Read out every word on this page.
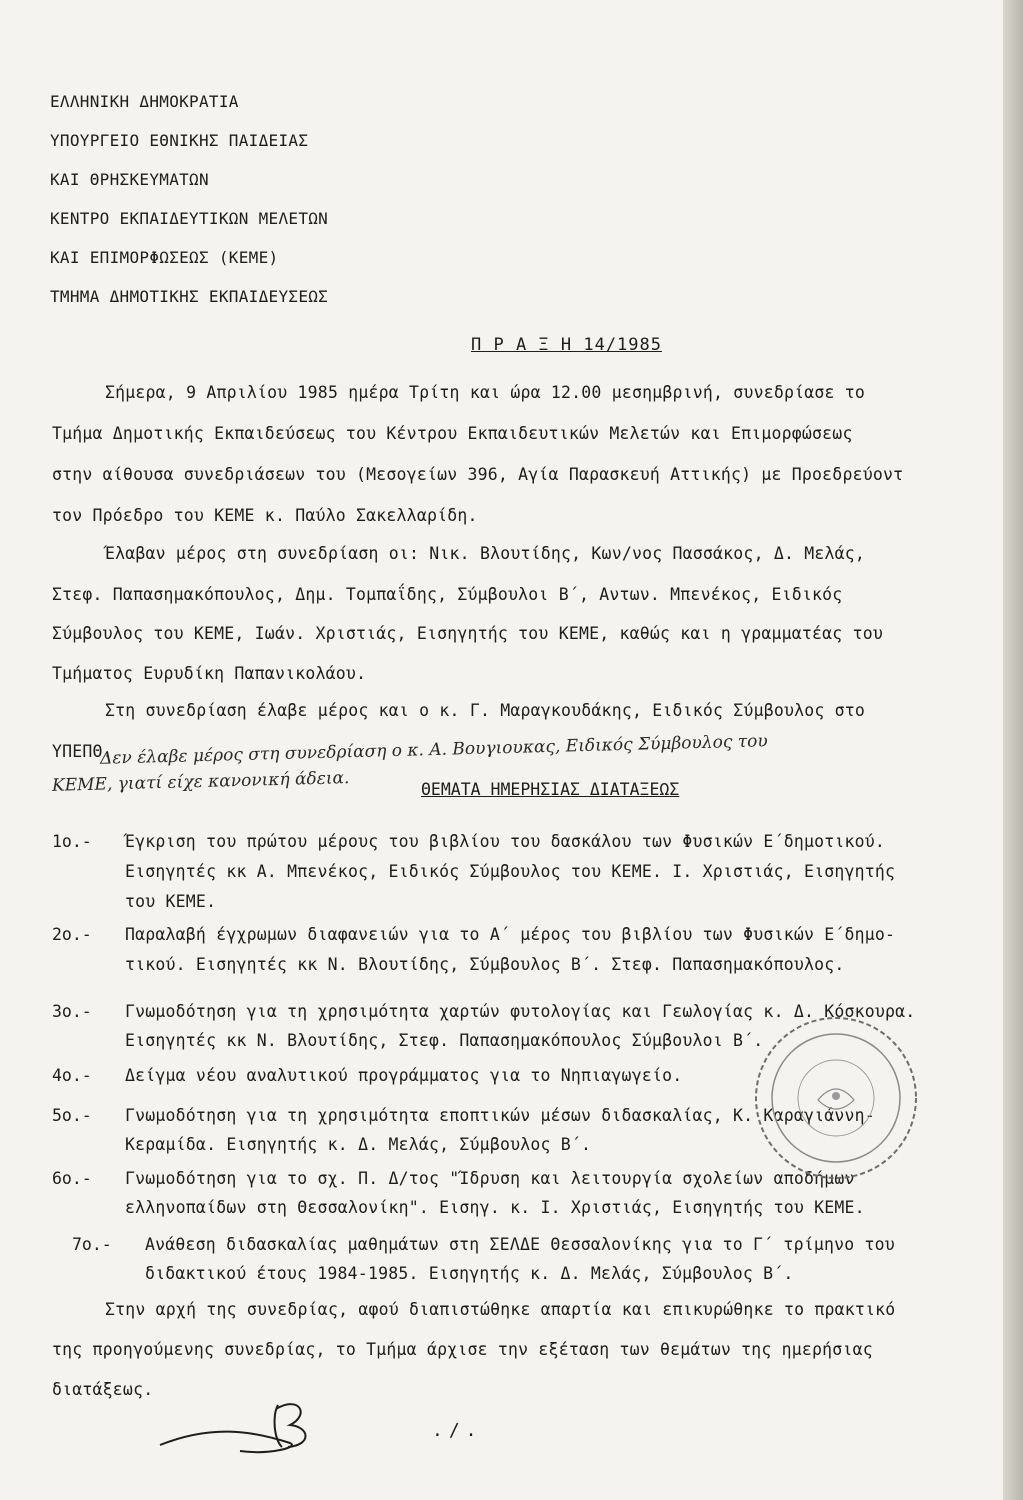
ΕΛΛΗΝΙΚΗ ΔΗΜΟΚΡΑΤΙΑ
ΥΠΟΥΡΓΕΙΟ ΕΘΝΙΚΗΣ ΠΑΙΔΕΙΑΣ
ΚΑΙ ΘΡΗΣΚΕΥΜΑΤΩΝ
ΚΕΝΤΡΟ ΕΚΠΑΙΔΕΥΤΙΚΩΝ ΜΕΛΕΤΩΝ
ΚΑΙ ΕΠΙΜΟΡΦΩΣΕΩΣ (ΚΕΜΕ)
ΤΜΗΜΑ ΔΗΜΟΤΙΚΗΣ ΕΚΠΑΙΔΕΥΣΕΩΣ
Π Ρ Α Ξ Η 14/1985
Σήμερα, 9 Απριλίου 1985 ημέρα Τρίτη και ώρα 12.00 μεσημβρινή, συνεδρίασε το
Τμήμα Δημοτικής Εκπαιδεύσεως του Κέντρου Εκπαιδευτικών Μελετών και Επιμορφώσεως
στην αίθουσα συνεδριάσεων του (Μεσογείων 396, Αγία Παρασκευή Αττικής) με Προεδρεύοντ
τον Πρόεδρο του ΚΕΜΕ κ. Παύλο Σακελλαρίδη.
Έλαβαν μέρος στη συνεδρίαση οι: Νικ. Βλουτίδης, Κων/νος Πασσάκος, Δ. Μελάς,
Στεφ. Παπασημακόπουλος, Δημ. Τομπαΐδης, Σύμβουλοι Β΄, Αντων. Μπενέκος, Ειδικός
Σύμβουλος του ΚΕΜΕ, Ιωάν. Χριστιάς, Εισηγητής του ΚΕΜΕ, καθώς και η γραμματέας του
Τμήματος Ευρυδίκη Παπανικολάου.
Στη συνεδρίαση έλαβε μέρος και ο κ. Γ. Μαραγκουδάκης, Ειδικός Σύμβουλος στο
ΥΠΕΠΘ.
Δεν έλαβε μέρος στη συνεδρίαση ο κ. Α. Βουγιουκας, Ειδικός Σύμβουλος του
ΚΕΜΕ, γιατί είχε κανονική άδεια.	ΘΕΜΑΤΑ ΗΜΕΡΗΣΙΑΣ ΔΙΑΤΑΞΕΩΣ
1ο.- Έγκριση του πρώτου μέρους του βιβλίου του δασκάλου των Φυσικών Ε΄δημοτικού.
Εισηγητές κκ Α. Μπενέκος, Ειδικός Σύμβουλος του ΚΕΜΕ. Ι. Χριστιάς, Εισηγητής
του ΚΕΜΕ.
2ο.- Παραλαβή έγχρωμων διαφανειών για το Α΄ μέρος του βιβλίου των Φυσικών Ε΄δημο-
τικού. Εισηγητές κκ Ν. Βλουτίδης, Σύμβουλος Β΄. Στεφ. Παπασημακόπουλος.
3ο.- Γνωμοδότηση για τη χρησιμότητα χαρτών φυτολογίας και Γεωλογίας κ. Δ. Κόσκουρα.
Εισηγητές κκ Ν. Βλουτίδης, Στεφ. Παπασημακόπουλος Σύμβουλοι Β΄.
4ο.- Δείγμα νέου αναλυτικού προγράμματος για το Νηπιαγωγείο.
5ο.- Γνωμοδότηση για τη χρησιμότητα εποπτικών μέσων διδασκαλίας, Κ. Καραγιάννη-
Κεραμίδα. Εισηγητής κ. Δ. Μελάς, Σύμβουλος Β΄.
6ο.- Γνωμοδότηση για το σχ. Π. Δ/τος "Ίδρυση και λειτουργία σχολείων αποδήμων
ελληνοπαίδων στη Θεσσαλονίκη". Εισηγ. κ. Ι. Χριστιάς, Εισηγητής του ΚΕΜΕ.
7ο.- Ανάθεση διδασκαλίας μαθημάτων στη ΣΕΛΔΕ Θεσσαλονίκης για το Γ΄ τρίμηνο του
διδακτικού έτους 1984-1985. Εισηγητής κ. Δ. Μελάς, Σύμβουλος Β΄.
Στην αρχή της συνεδρίας, αφού διαπιστώθηκε απαρτία και επικυρώθηκε το πρακτικό
της προηγούμενης συνεδρίας, το Τμήμα άρχισε την εξέταση των θεμάτων της ημερήσιας
διατάξεως.
./.
